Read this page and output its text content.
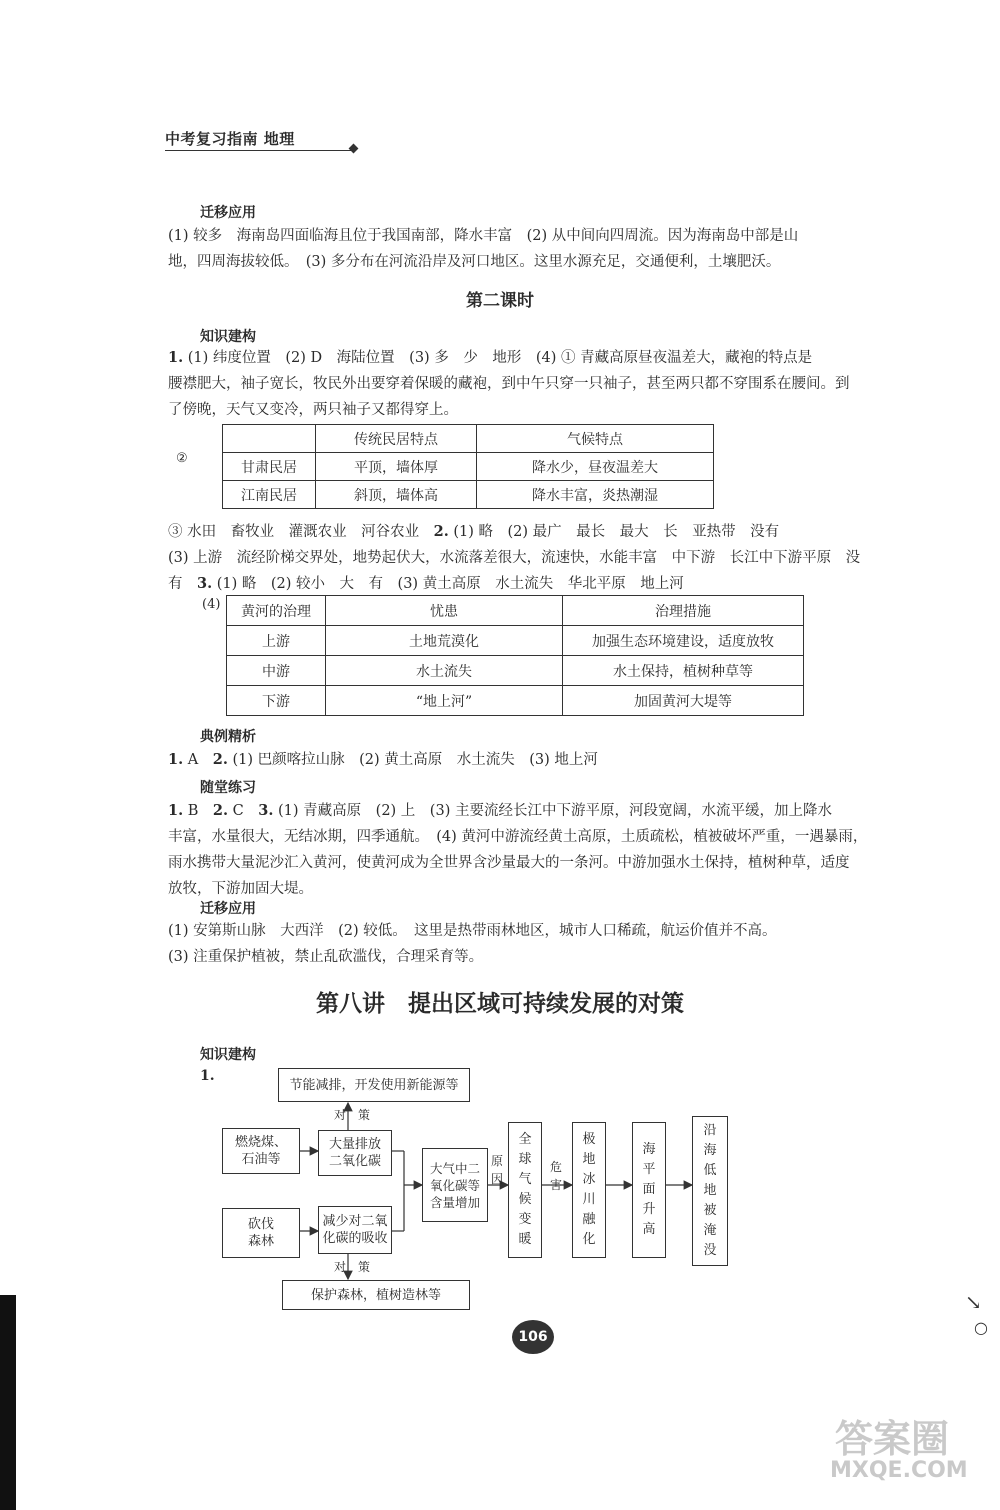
中考复习指南 地理
迁移应用

(1) 较多　海南岛四面临海且位于我国南部，降水丰富　(2) 从中间向四周流。因为海南岛中部是山

地，四周海拔较低。　(3) 多分布在河流沿岸及河口地区。这里水源充足，交通便利，土壤肥沃。

第二课时
知识建构

1. (1) 纬度位置　(2) D　海陆位置　(3) 多　少　地形　(4) ① 青藏高原昼夜温差大，藏袍的特点是

腰襟肥大，袖子宽长，牧民外出要穿着保暖的藏袍，到中午只穿一只袖子，甚至两只都不穿围系在腰间。到

了傍晚，天气又变冷，两只袖子又都得穿上。

②
	传统民居特点	气候特点
甘肃民居	平顶，墙体厚	降水少，昼夜温差大
江南民居	斜顶，墙体高	降水丰富，炎热潮湿

③ 水田　畜牧业　灌溉农业　河谷农业　2. (1) 略　(2) 最广　最长　最大　长　亚热带　没有

(3) 上游　流经阶梯交界处，地势起伏大，水流落差很大，流速快，水能丰富　中下游　长江中下游平原　没

有　3. (1) 略　(2) 较小　大　有　(3) 黄土高原　水土流失　华北平原　地上河

(4) 黄河的治理	忧患	治理措施
上游	土地荒漠化	加强生态环境建设，适度放牧
中游	水土流失	水土保持，植树种草等
下游	“地上河”	加固黄河大堤等
典例精析

1. A　2. (1) 巴颜喀拉山脉　(2) 黄土高原　水土流失　(3) 地上河

随堂练习

1. B　2. C　3. (1) 青藏高原　(2) 上　(3) 主要流经长江中下游平原，河段宽阔，水流平缓，加上降水

丰富，水量很大，无结冰期，四季通航。　(4) 黄河中游流经黄土高原，土质疏松，植被破坏严重，一遇暴雨，

雨水携带大量泥沙汇入黄河，使黄河成为全世界含沙量最大的一条河。中游加强水土保持，植树种草，适度

放牧，下游加固大堤。

迁移应用

(1) 安第斯山脉　大西洋　(2) 较低。　这里是热带雨林地区，城市人口稀疏，航运价值并不高。

(3) 注重保护植被，禁止乱砍滥伐，合理采育等。

第八讲　提出区域可持续发展的对策
知识建构
1.
节能减排，开发使用新能源等
保护森林，植树造林等
对　策
对　策
燃烧煤、石油等
砍伐森林
大量排放二氧化碳
减少对二氧化碳的吸收
大气中二氧化碳等含量增加
原因
全球气候变暖
危害
极地冰川融化
海平面升高
沿海低地被淹没
106
↘
○
答案圈
MXQE.COM
